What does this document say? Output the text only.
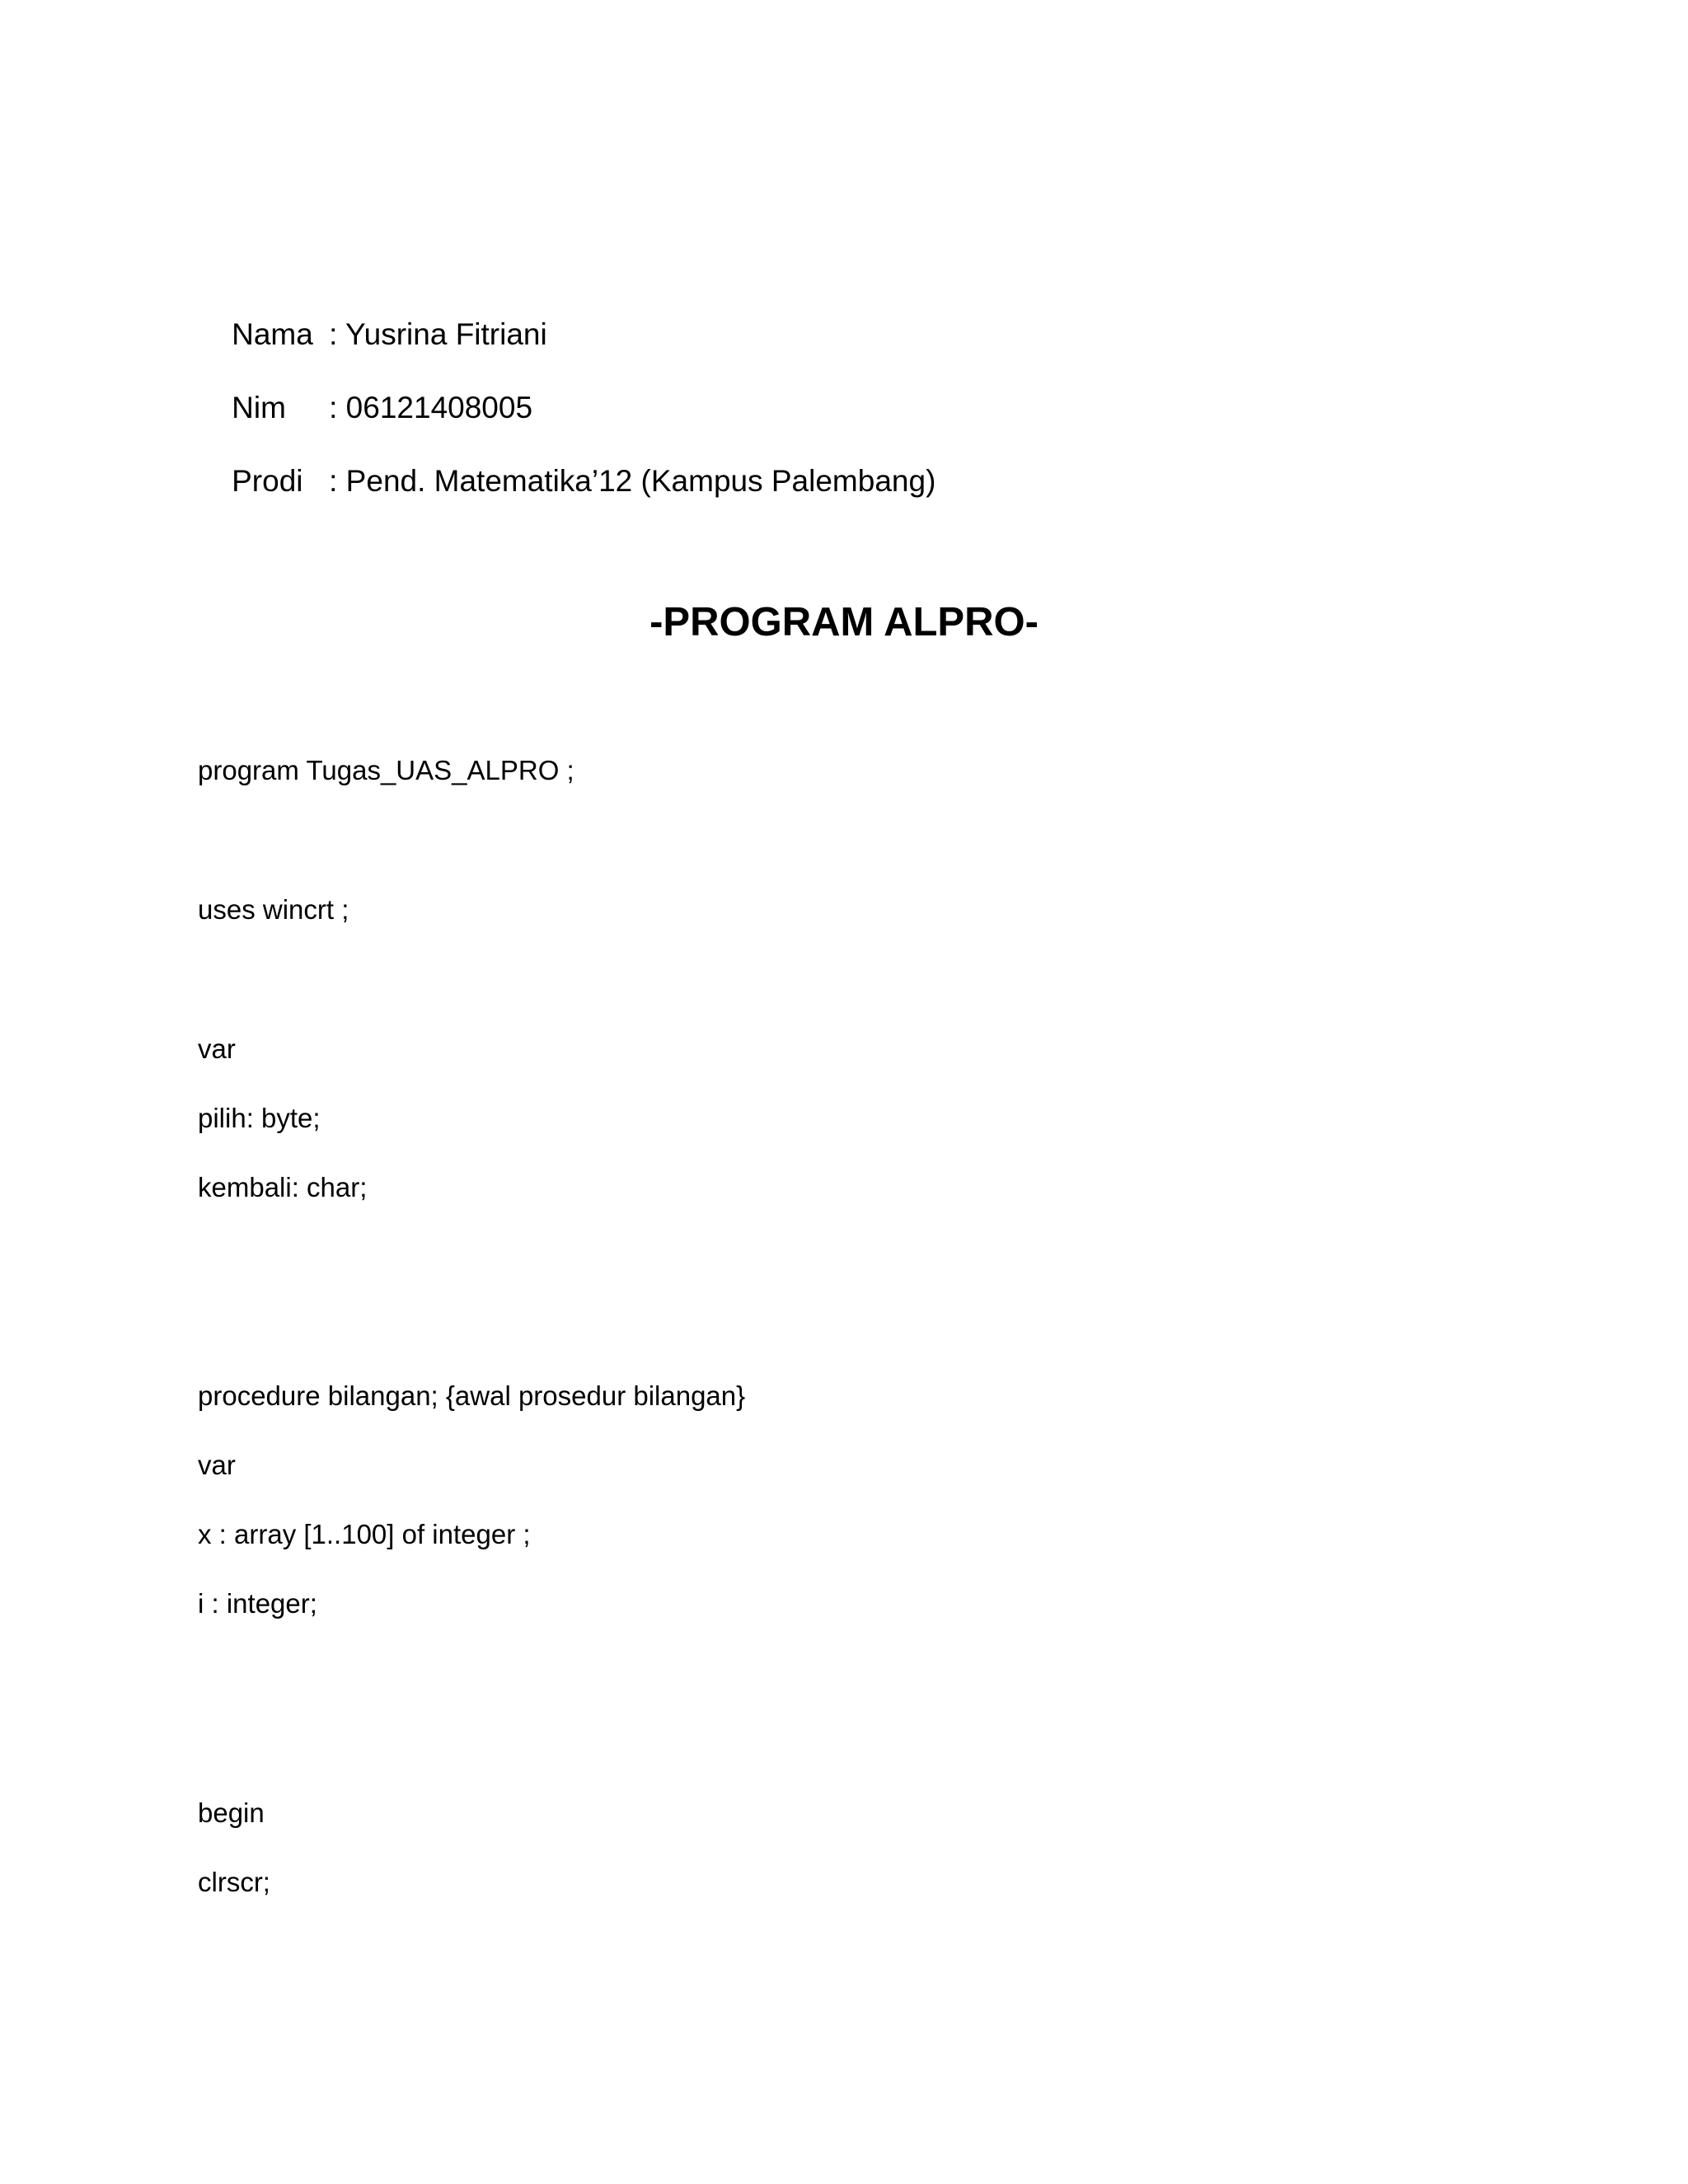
Nama : Yusrina Fitriani

Nim : 06121408005

Prodi : Pend. Matematika’12 (Kampus Palembang)

-PROGRAM ALPRO-
program Tugas_UAS_ALPRO ;
uses wincrt ;
var
pilih: byte;
kembali: char;
procedure bilangan; {awal prosedur bilangan}
var
x : array [1..100] of integer ;
i : integer;
begin
clrscr;
